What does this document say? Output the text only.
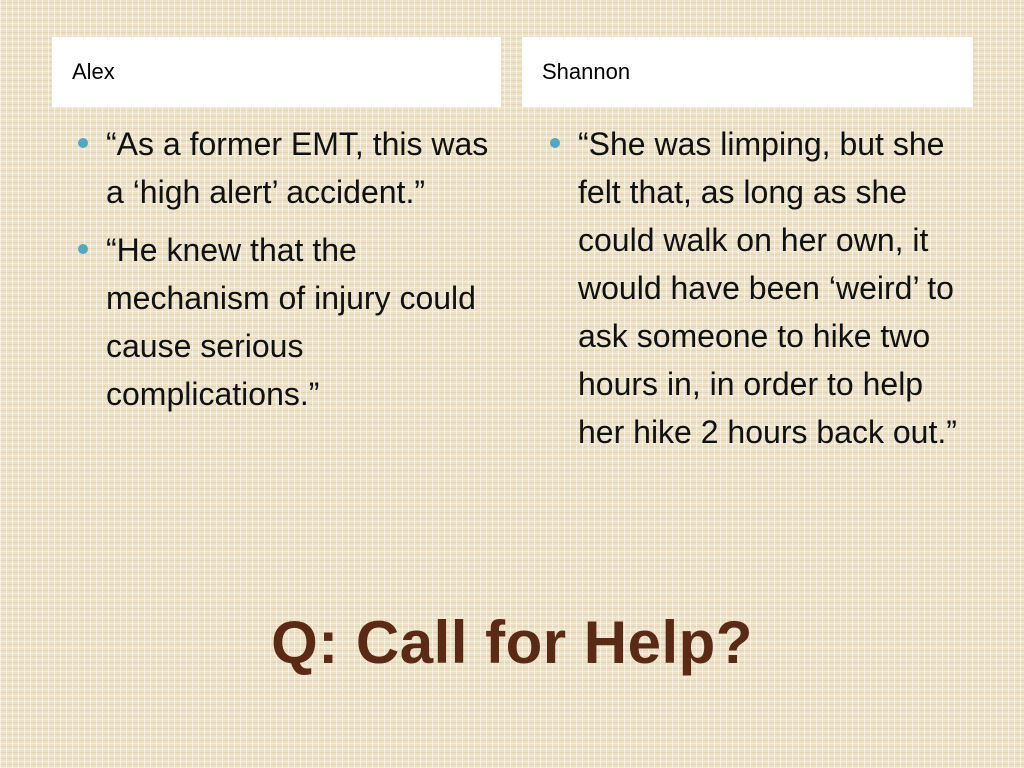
Alex	Shannon
“As a former EMT, this was a ‘high alert’ accident.”
“He knew that the mechanism of injury could cause serious complications.”
“She was limping, but she felt that, as long as she could walk on her own, it would have been ‘weird’ to ask someone to hike two hours in, in order to help her hike 2 hours back out.”
Q: Call for Help?
